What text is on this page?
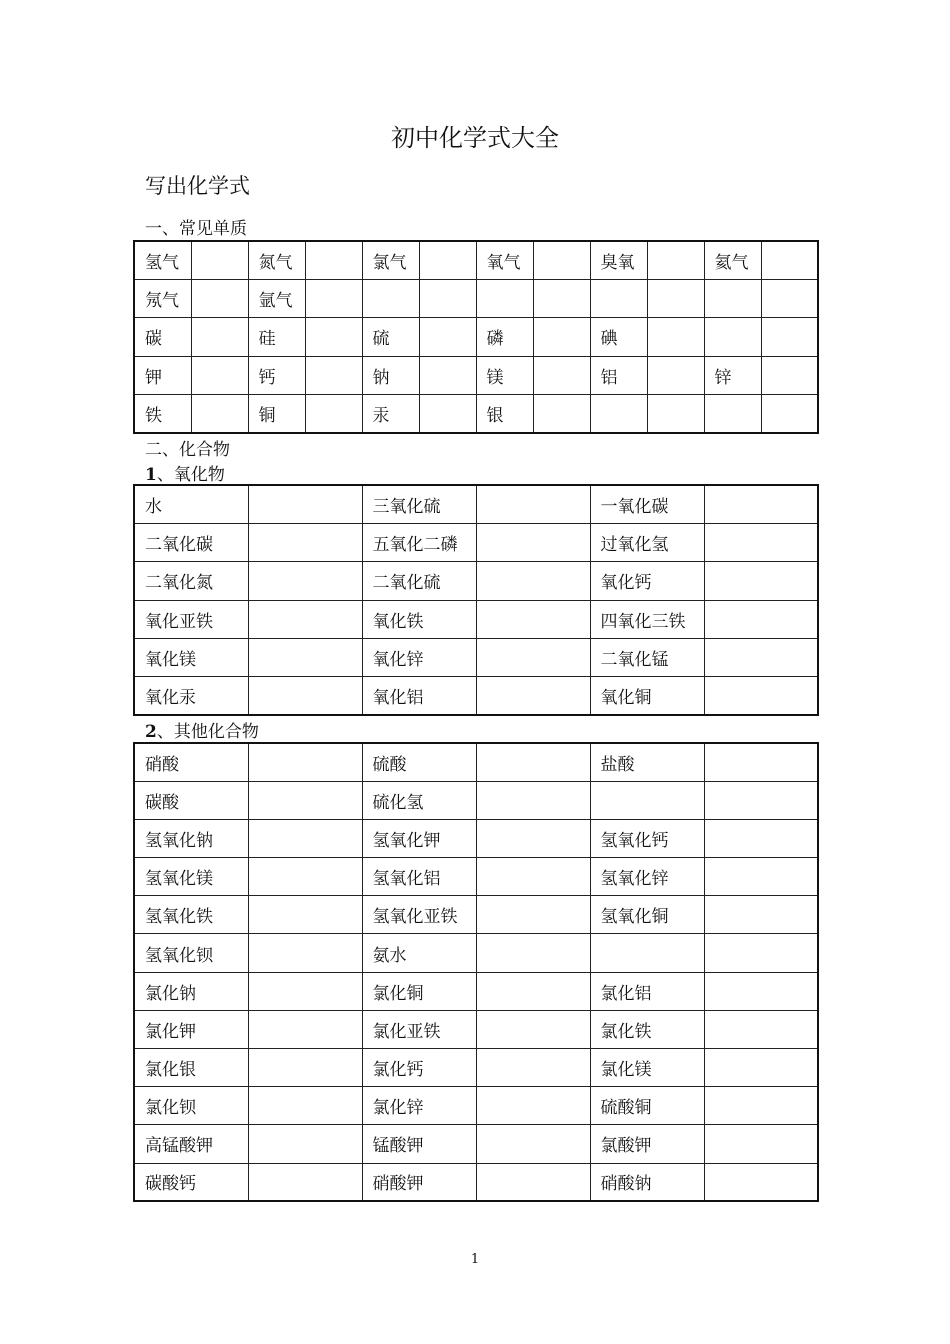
初中化学式大全
写出化学式
一、常见单质
氢气		氮气		氯气		氧气		臭氧		氦气	
氖气		氩气									
碳		硅		硫		磷		碘			
钾		钙		钠		镁		铝		锌	
铁		铜		汞		银					
二、化合物
1、氧化物
水		三氧化硫		一氧化碳	
二氧化碳		五氧化二磷		过氧化氢	
二氧化氮		二氧化硫		氧化钙	
氧化亚铁		氧化铁		四氧化三铁	
氧化镁		氧化锌		二氧化锰	
氧化汞		氧化铝		氧化铜	
2、其他化合物
硝酸		硫酸		盐酸	
碳酸		硫化氢			
氢氧化钠		氢氧化钾		氢氧化钙	
氢氧化镁		氢氧化铝		氢氧化锌	
氢氧化铁		氢氧化亚铁		氢氧化铜	
氢氧化钡		氨水			
氯化钠		氯化铜		氯化铝	
氯化钾		氯化亚铁		氯化铁	
氯化银		氯化钙		氯化镁	
氯化钡		氯化锌		硫酸铜	
高锰酸钾		锰酸钾		氯酸钾	
碳酸钙		硝酸钾		硝酸钠	
1
